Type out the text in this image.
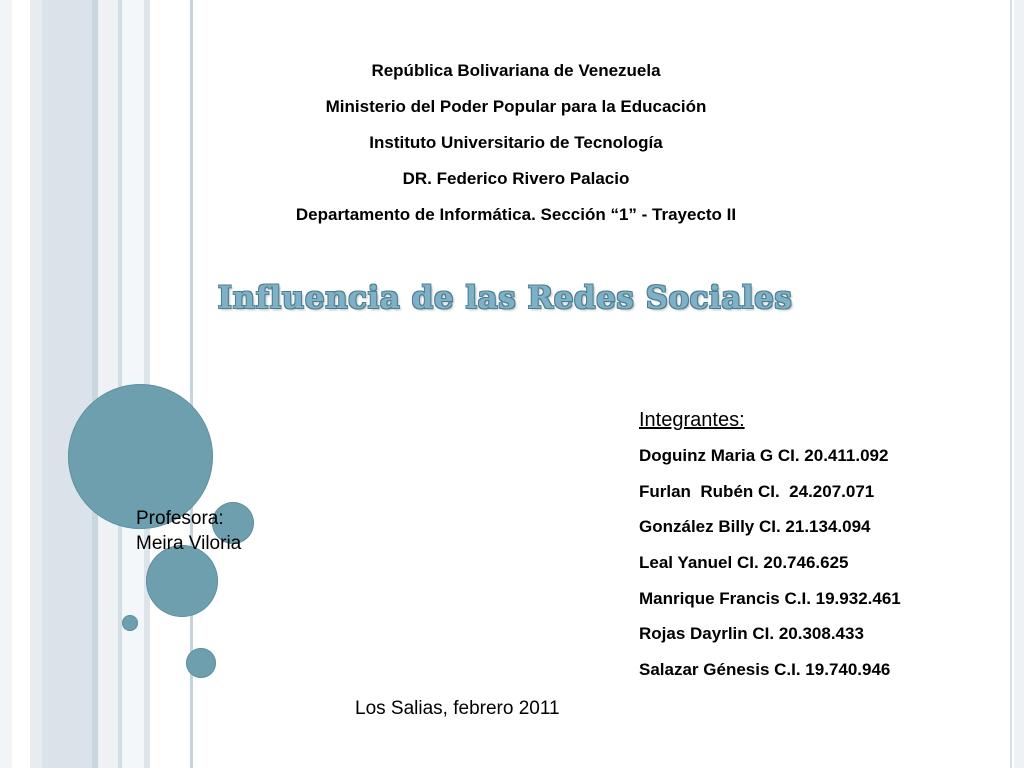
República Bolivariana de Venezuela
Ministerio del Poder Popular para la Educación
Instituto Universitario de Tecnología
DR. Federico Rivero Palacio
Departamento de Informática. Sección “1” - Trayecto II
Influencia de las Redes Sociales
Profesora:
Meira Viloria
Integrantes:
Doguinz Maria G CI. 20.411.092
Furlan  Rubén CI.  24.207.071
González Billy CI. 21.134.094
Leal Yanuel CI. 20.746.625
Manrique Francis C.I. 19.932.461
Rojas Dayrlin CI. 20.308.433
Salazar Génesis C.I. 19.740.946
Los Salias, febrero 2011
